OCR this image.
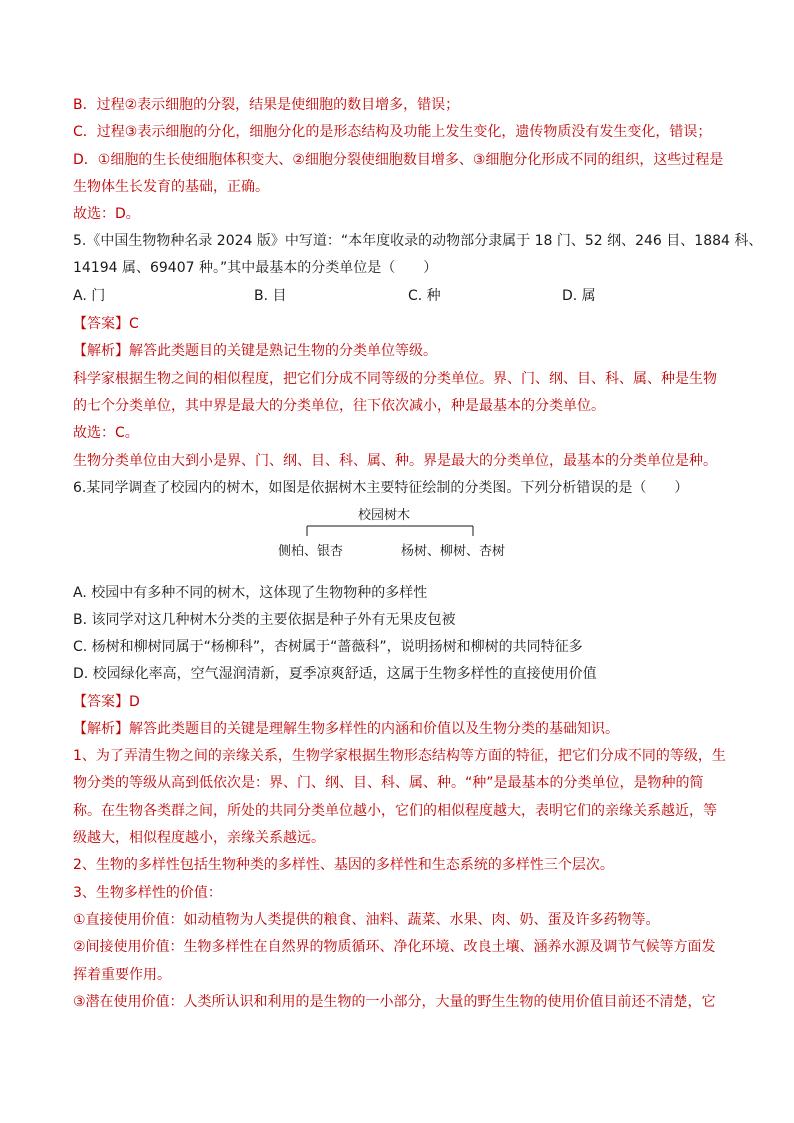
B．过程②表示细胞的分裂，结果是使细胞的数目增多，错误；
C．过程③表示细胞的分化，细胞分化的是形态结构及功能上发生变化，遗传物质没有发生变化，错误；
D．①细胞的生长使细胞体积变大、②细胞分裂使细胞数目增多、③细胞分化形成不同的组织，这些过程是
生物体生长发育的基础，正确。
故选：D。
5.《中国生物物种名录 2024 版》中写道：“本年度收录的动物部分隶属于 18 门、52 纲、246 目、1884 科、
14194 属、69407 种。”其中最基本的分类单位是（　　）
A. 门	B. 目	C. 种	D. 属
【答案】C
【解析】解答此类题目的关键是熟记生物的分类单位等级。
科学家根据生物之间的相似程度，把它们分成不同等级的分类单位。界、门、纲、目、科、属、种是生物
的七个分类单位，其中界是最大的分类单位，往下依次减小，种是最基本的分类单位。
故选：C。
生物分类单位由大到小是界、门、纲、目、科、属、种。界是最大的分类单位，最基本的分类单位是种。
6.某同学调查了校园内的树木，如图是依据树木主要特征绘制的分类图。下列分析错误的是（　　）
校园树木
侧柏、银杏	杨树、柳树、杏树
A. 校园中有多种不同的树木，这体现了生物物种的多样性
B. 该同学对这几种树木分类的主要依据是种子外有无果皮包被
C. 杨树和柳树同属于“杨柳科”，杏树属于“蔷薇科”，说明扬树和柳树的共同特征多
D. 校园绿化率高，空气湿润清新，夏季凉爽舒适，这属于生物多样性的直接使用价值
【答案】D
【解析】解答此类题目的关键是理解生物多样性的内涵和价值以及生物分类的基础知识。
1、为了弄清生物之间的亲缘关系，生物学家根据生物形态结构等方面的特征，把它们分成不同的等级，生
物分类的等级从高到低依次是：界、门、纲、目、科、属、种。“种”是最基本的分类单位，是物种的简
称。在生物各类群之间，所处的共同分类单位越小，它们的相似程度越大，表明它们的亲缘关系越近，等
级越大，相似程度越小，亲缘关系越远。
2、生物的多样性包括生物种类的多样性、基因的多样性和生态系统的多样性三个层次。
3、生物多样性的价值：
①直接使用价值：如动植物为人类提供的粮食、油料、蔬菜、水果、肉、奶、蛋及许多药物等。
②间接使用价值：生物多样性在自然界的物质循环、净化环境、改良土壤、涵养水源及调节气候等方面发
挥着重要作用。
③潜在使用价值：人类所认识和利用的是生物的一小部分，大量的野生生物的使用价值目前还不清楚，它
